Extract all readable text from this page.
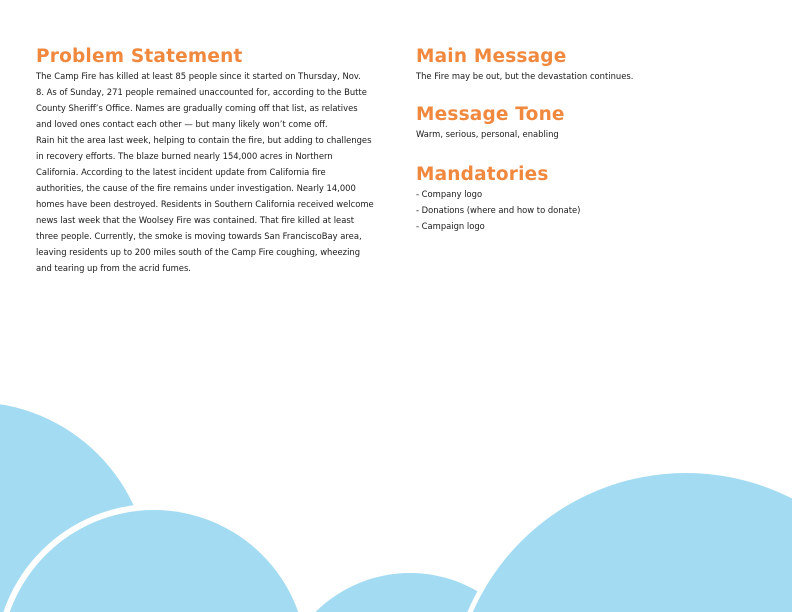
Problem Statement

The Camp Fire has killed at least 85 people since it started on Thursday, Nov.

8. As of Sunday, 271 people remained unaccounted for, according to the Butte

County Sheriff’s Office. Names are gradually coming off that list, as relatives

and loved ones contact each other — but many likely won’t come off.

Rain hit the area last week, helping to contain the fire, but adding to challenges

in recovery efforts. The blaze burned nearly 154,000 acres in Northern

California. According to the latest incident update from California fire

authorities, the cause of the fire remains under investigation. Nearly 14,000

homes have been destroyed. Residents in Southern California received welcome

news last week that the Woolsey Fire was contained. That fire killed at least

three people. Currently, the smoke is moving towards San FranciscoBay area,

leaving residents up to 200 miles south of the Camp Fire coughing, wheezing

and tearing up from the acrid fumes.

Main Message

The Fire may be out, but the devastation continues.

Message Tone

Warm, serious, personal, enabling

Mandatories
- Company logo
- Donations (where and how to donate)
- Campaign logo
